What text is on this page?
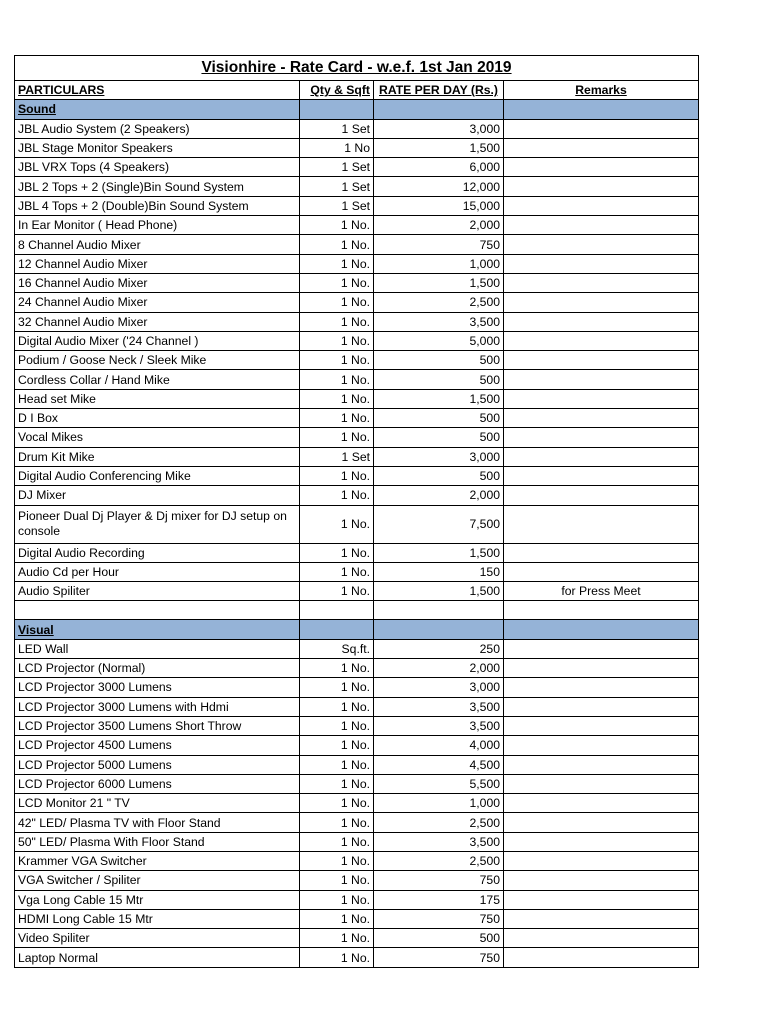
Visionhire - Rate Card - w.e.f. 1st Jan 2019			
PARTICULARS	Qty & Sqft	RATE PER DAY (Rs.)	Remarks
Sound			
JBL Audio System (2 Speakers)	1 Set	3,000	
JBL Stage Monitor Speakers	1 No	1,500	
JBL VRX Tops (4 Speakers)	1 Set	6,000	
JBL 2 Tops + 2 (Single)Bin Sound System	1 Set	12,000	
JBL 4 Tops + 2 (Double)Bin Sound System	1 Set	15,000	
In Ear Monitor ( Head Phone)	1 No.	2,000	
8 Channel Audio Mixer	1 No.	750	
12 Channel Audio Mixer	1 No.	1,000	
16 Channel Audio Mixer	1 No.	1,500	
24 Channel Audio Mixer	1 No.	2,500	
32 Channel Audio Mixer	1 No.	3,500	
Digital Audio Mixer ('24 Channel )	1 No.	5,000	
Podium / Goose Neck / Sleek Mike	1 No.	500	
Cordless Collar / Hand Mike	1 No.	500	
Head set Mike	1 No.	1,500	
D I Box	1 No.	500	
Vocal Mikes	1 No.	500	
Drum Kit Mike	1 Set	3,000	
Digital Audio Conferencing Mike	1 No.	500	
DJ Mixer	1 No.	2,000	
Pioneer Dual Dj Player & Dj mixer for DJ setup on console	1 No.	7,500	
Digital Audio Recording	1 No.	1,500	
Audio Cd per Hour	1 No.	150	
Audio Spiliter	1 No.	1,500	for Press Meet

Visual			
LED Wall	Sq.ft.	250	
LCD Projector (Normal)	1 No.	2,000	
LCD Projector 3000 Lumens	1 No.	3,000	
LCD Projector 3000 Lumens with Hdmi	1 No.	3,500	
LCD Projector 3500 Lumens Short Throw	1 No.	3,500	
LCD Projector 4500 Lumens	1 No.	4,000	
LCD Projector 5000 Lumens	1 No.	4,500	
LCD Projector 6000 Lumens	1 No.	5,500	
LCD Monitor 21 " TV	1 No.	1,000	
42" LED/ Plasma TV with Floor Stand	1 No.	2,500	
50" LED/ Plasma With Floor Stand	1 No.	3,500	
Krammer VGA Switcher	1 No.	2,500	
VGA Switcher / Spiliter	1 No.	750	
Vga Long Cable 15 Mtr	1 No.	175	
HDMI Long Cable 15 Mtr	1 No.	750	
Video Spiliter	1 No.	500	
Laptop Normal	1 No.	750	
